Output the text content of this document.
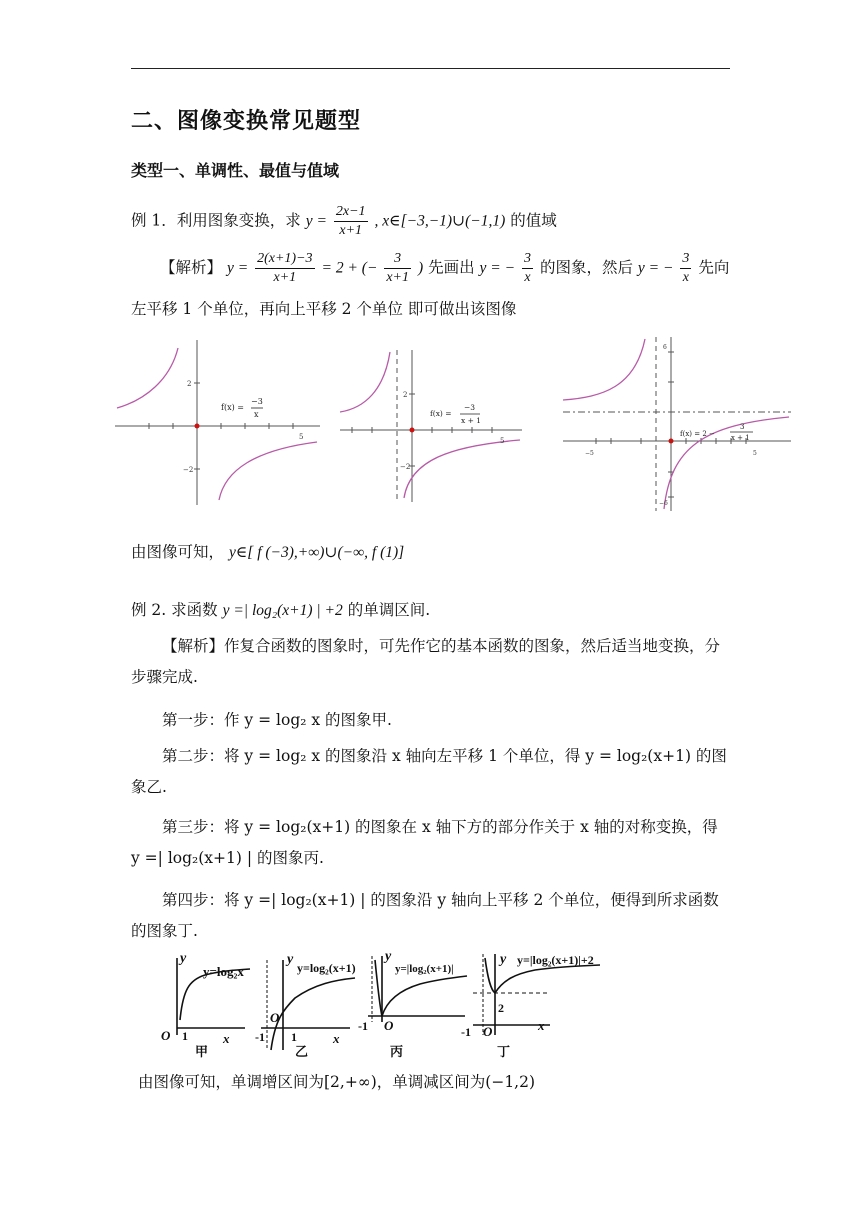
二、图像变换常见题型
类型一、单调性、最值与值域
例 1．利用图象变换，求 $y = \frac{2x-1}{x+1}$ , x∈[−3,−1)∪(−1,1) 的值域
【解析】 $y = \frac{2(x+1)-3}{x+1} = 2$ + (− $\frac{3}{x+1}$ ) 先画出 y = − $\frac{3}{x}$ 的图象，然后 y = − $\frac{3}{x}$ 先向
左平移 1 个单位，再向上平移 2 个单位 即可做出该图像
2
−2
5
f(x) =
−3
x
2
−2
5
f(x) =
−3
x + 1
6
−6
5
−5
f(x) = 2 −
3
x + 1
由图像可知， y∈[ f (−3),+∞)∪(−∞, f (1)]
例 2. 求函数 y =| log₂(x+1) | +2 的单调区间.
【解析】作复合函数的图象时，可先作它的基本函数的图象，然后适当地变换，分步骤完成.
第一步：作 y = log₂ x 的图象甲.
第二步：将 y = log₂ x 的图象沿 x 轴向左平移 1 个单位，得 y = log₂(x+1) 的图象乙.
第三步：将 y = log₂(x+1) 的图象在 x 轴下方的部分作关于 x 轴的对称变换，得 y =| log₂(x+1) | 的图象丙.
第四步：将 y =| log₂(x+1) | 的图象沿 y 轴向上平移 2 个单位，便得到所求函数的图象丁.
y
y=log₂x
O 1	x
甲
y
y=log₂(x+1)
O
-1 1	x
乙
y
y=|log₂(x+1)|
O
-1
丙
y y=|log₂(x+1)|+2
2
O
-1	x
丁
由图像可知，单调增区间为[2,+∞)，单调减区间为(−1,2)
